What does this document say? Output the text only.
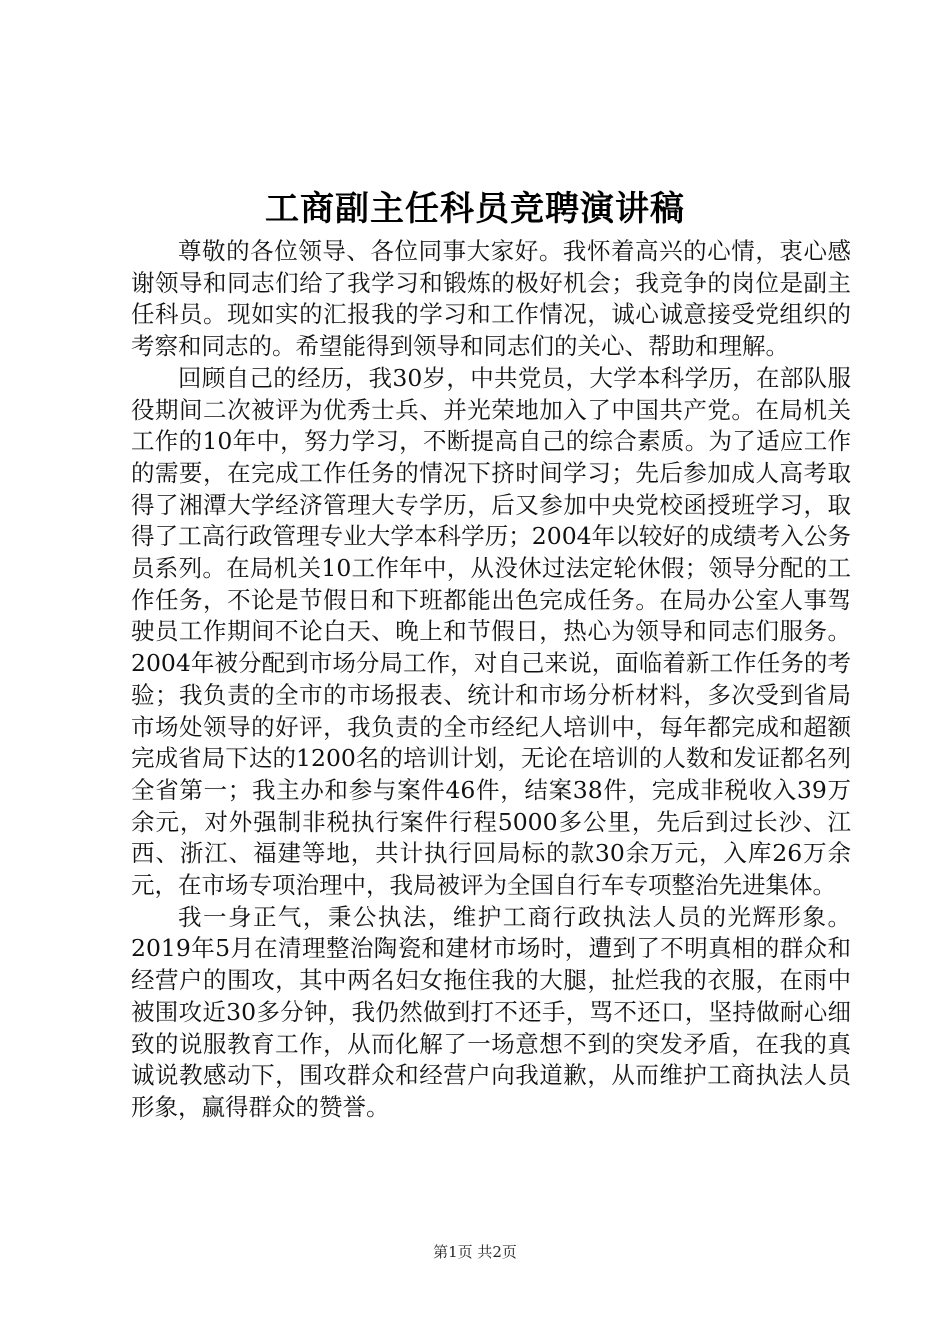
工商副主任科员竞聘演讲稿

尊敬的各位领导、各位同事大家好。我怀着高兴的心情，衷心感谢领导和同志们给了我学习和锻炼的极好机会；我竞争的岗位是副主任科员。现如实的汇报我的学习和工作情况，诚心诚意接受党组织的考察和同志的。希望能得到领导和同志们的关心、帮助和理解。

回顾自己的经历，我30岁，中共党员，大学本科学历，在部队服役期间二次被评为优秀士兵、并光荣地加入了中国共产党。在局机关工作的10年中，努力学习，不断提高自己的综合素质。为了适应工作的需要，在完成工作任务的情况下挤时间学习；先后参加成人高考取得了湘潭大学经济管理大专学历，后又参加中央党校函授班学习，取得了工高行政管理专业大学本科学历；2004年以较好的成绩考入公务员系列。在局机关10工作年中，从没休过法定轮休假；领导分配的工作任务，不论是节假日和下班都能出色完成任务。在局办公室人事驾驶员工作期间不论白天、晚上和节假日，热心为领导和同志们服务。2004年被分配到市场分局工作，对自己来说，面临着新工作任务的考验；我负责的全市的市场报表、统计和市场分析材料，多次受到省局市场处领导的好评，我负责的全市经纪人培训中，每年都完成和超额完成省局下达的1200名的培训计划，无论在培训的人数和发证都名列全省第一；我主办和参与案件46件，结案38件，完成非税收入39万余元，对外强制非税执行案件行程5000多公里，先后到过长沙、江西、浙江、福建等地，共计执行回局标的款30余万元，入库26万余元，在市场专项治理中，我局被评为全国自行车专项整治先进集体。

我一身正气，秉公执法，维护工商行政执法人员的光辉形象。2019年5月在清理整治陶瓷和建材市场时，遭到了不明真相的群众和经营户的围攻，其中两名妇女拖住我的大腿，扯烂我的衣服，在雨中被围攻近30多分钟，我仍然做到打不还手，骂不还口，坚持做耐心细致的说服教育工作，从而化解了一场意想不到的突发矛盾，在我的真诚说教感动下，围攻群众和经营户向我道歉，从而维护工商执法人员形象，赢得群众的赞誉。

第1页 共2页
